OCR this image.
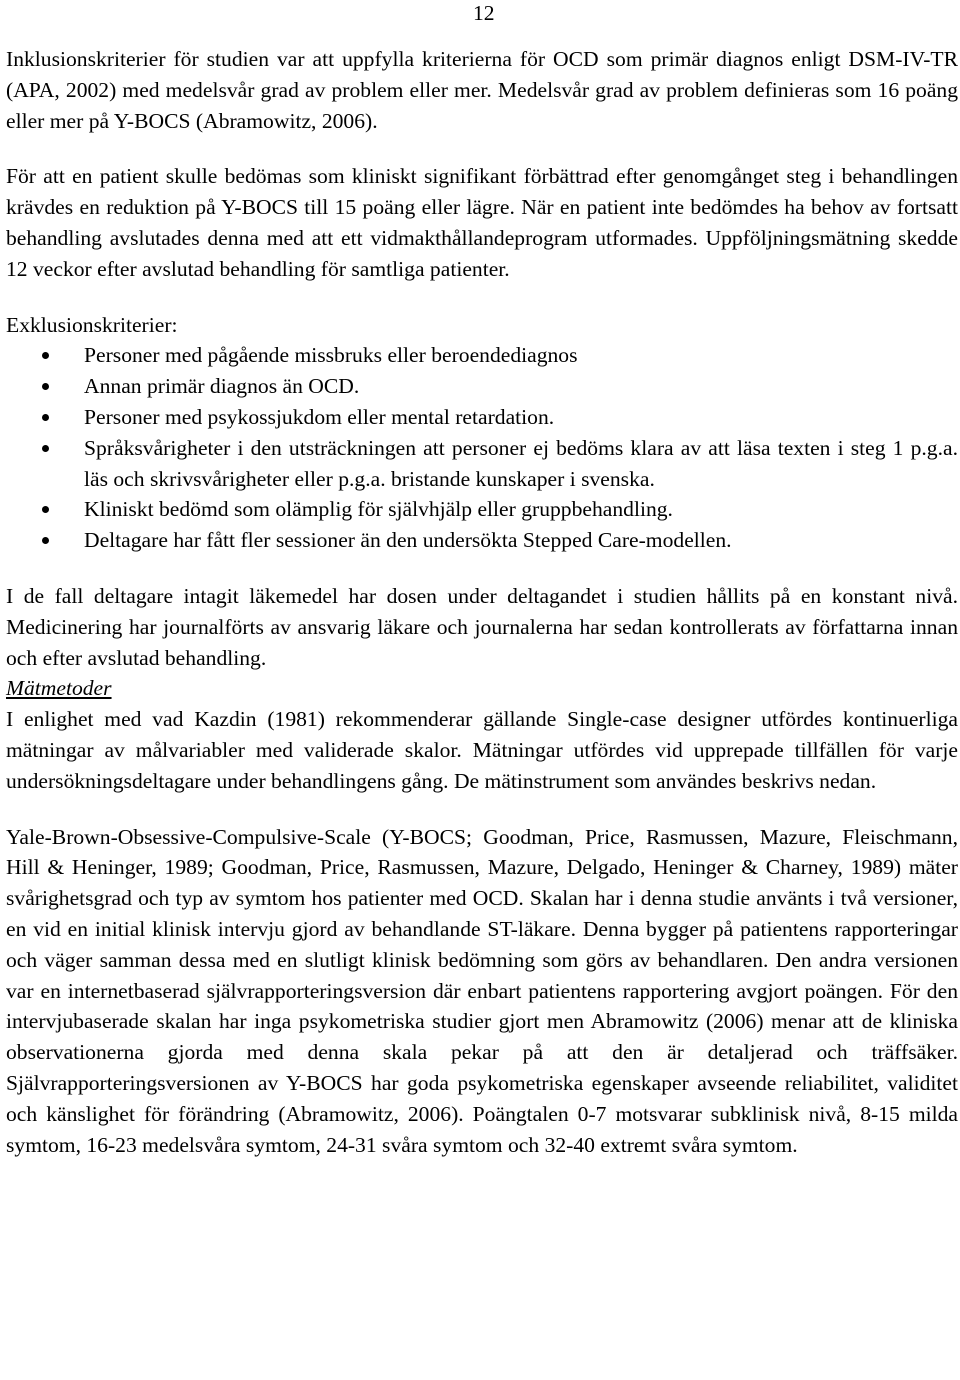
12

Inklusionskriterier för studien var att uppfylla kriterierna för OCD som primär diagnos enligt DSM-IV-TR (APA, 2002) med medelsvår grad av problem eller mer. Medelsvår grad av problem definieras som 16 poäng eller mer på Y-BOCS (Abramowitz, 2006).

För att en patient skulle bedömas som kliniskt signifikant förbättrad efter genomgånget steg i behandlingen krävdes en reduktion på Y-BOCS till 15 poäng eller lägre. När en patient inte bedömdes ha behov av fortsatt behandling avslutades denna med att ett vidmakthållandeprogram utformades. Uppföljningsmätning skedde 12 veckor efter avslutad behandling för samtliga patienter.

Exklusionskriterier:

Personer med pågående missbruks eller beroendediagnos
Annan primär diagnos än OCD.
Personer med psykossjukdom eller mental retardation.
Språksvårigheter i den utsträckningen att personer ej bedöms klara av att läsa texten i steg 1 p.g.a. läs och skrivsvårigheter eller p.g.a. bristande kunskaper i svenska.
Kliniskt bedömd som olämplig för självhjälp eller gruppbehandling.
Deltagare har fått fler sessioner än den undersökta Stepped Care-modellen.

I de fall deltagare intagit läkemedel har dosen under deltagandet i studien hållits på en konstant nivå. Medicinering har journalförts av ansvarig läkare och journalerna har sedan kontrollerats av författarna innan och efter avslutad behandling.

Mätmetoder

I enlighet med vad Kazdin (1981) rekommenderar gällande Single-case designer utfördes kontinuerliga mätningar av målvariabler med validerade skalor. Mätningar utfördes vid upprepade tillfällen för varje undersökningsdeltagare under behandlingens gång. De mätinstrument som användes beskrivs nedan.

Yale-Brown-Obsessive-Compulsive-Scale (Y-BOCS; Goodman, Price, Rasmussen, Mazure, Fleischmann, Hill & Heninger, 1989; Goodman, Price, Rasmussen, Mazure, Delgado, Heninger & Charney, 1989) mäter svårighetsgrad och typ av symtom hos patienter med OCD. Skalan har i denna studie använts i två versioner, en vid en initial klinisk intervju gjord av behandlande ST-läkare. Denna bygger på patientens rapporteringar och väger samman dessa med en slutligt klinisk bedömning som görs av behandlaren. Den andra versionen var en internetbaserad självrapporteringsversion där enbart patientens rapportering avgjort poängen. För den intervjubaserade skalan har inga psykometriska studier gjort men Abramowitz (2006) menar att de kliniska observationerna gjorda med denna skala pekar på att den är detaljerad och träffsäker. Självrapporteringsversionen av Y-BOCS har goda psykometriska egenskaper avseende reliabilitet, validitet och känslighet för förändring (Abramowitz, 2006). Poängtalen 0-7 motsvarar subklinisk nivå, 8-15 milda symtom, 16-23 medelsvåra symtom, 24-31 svåra symtom och 32-40 extremt svåra symtom.
